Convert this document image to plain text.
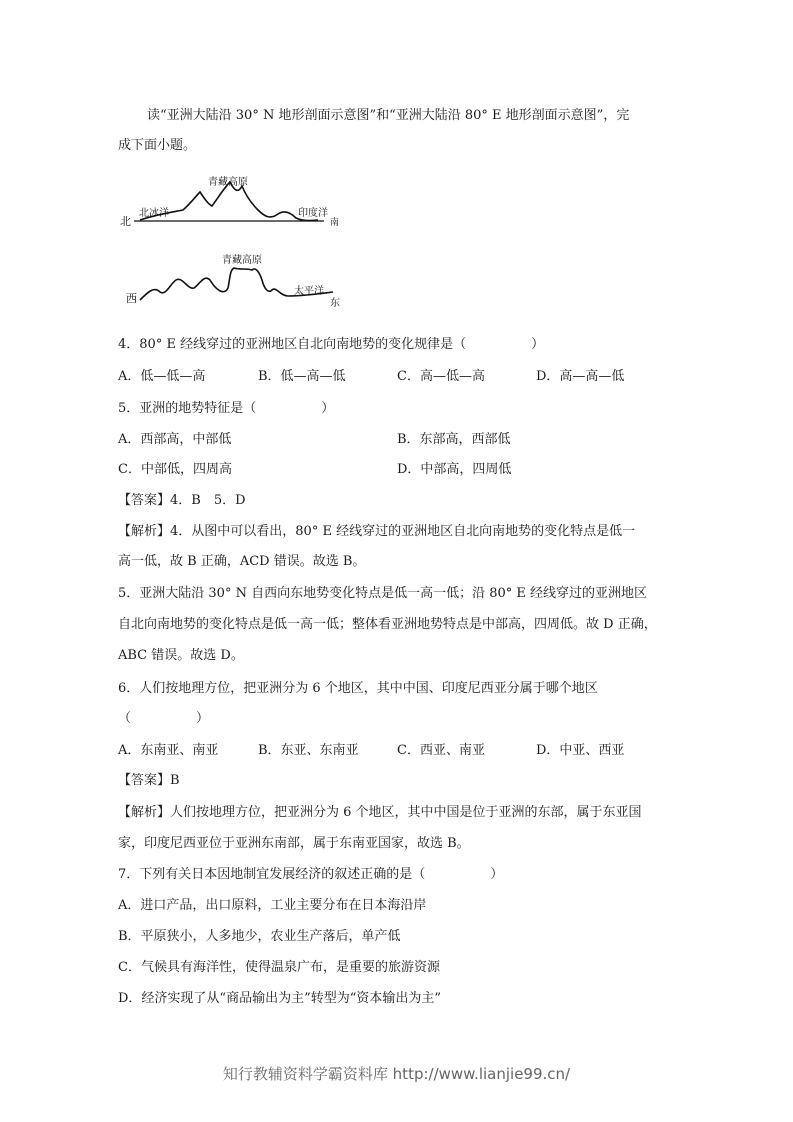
读“亚洲大陆沿 30° N 地形剖面示意图”和“亚洲大陆沿 80° E 地形剖面示意图”，完
成下面小题。
北	南
青藏高原
北冰洋	印度洋
西	东
青藏高原
太平洋
4．80° E 经线穿过的亚洲地区自北向南地势的变化规律是（　　　　　）
A．低—低—高	B．低—高—低	C．高—低—高	D．高—高—低
5．亚洲的地势特征是（　　　　　）
A．西部高，中部低	B．东部高，西部低
C．中部低，四周高	D．中部高，四周低
【答案】4．B　5．D
【解析】4．从图中可以看出，80° E 经线穿过的亚洲地区自北向南地势的变化特点是低一
高一低，故 B 正确，ACD 错误。故选 B。
5．亚洲大陆沿 30° N 自西向东地势变化特点是低一高一低；沿 80° E 经线穿过的亚洲地区
自北向南地势的变化特点是低一高一低；整体看亚洲地势特点是中部高，四周低。故 D 正确，
ABC 错误。故选 D。
6．人们按地理方位，把亚洲分为 6 个地区，其中中国、印度尼西亚分属于哪个地区
（　　　　　）
A．东南亚、南亚	B．东亚、东南亚	C．西亚、南亚	D．中亚、西亚
【答案】B
【解析】人们按地理方位，把亚洲分为 6 个地区，其中中国是位于亚洲的东部，属于东亚国
家，印度尼西亚位于亚洲东南部，属于东南亚国家，故选 B。
7．下列有关日本因地制宜发展经济的叙述正确的是（　　　　　）
A．进口产品，出口原料，工业主要分布在日本海沿岸
B．平原狭小，人多地少，农业生产落后，单产低
C．气候具有海洋性，使得温泉广布，是重要的旅游资源
D．经济实现了从“商品输出为主”转型为“资本输出为主”
知行教辅资料学霸资料库 http://www.lianjie99.cn/
